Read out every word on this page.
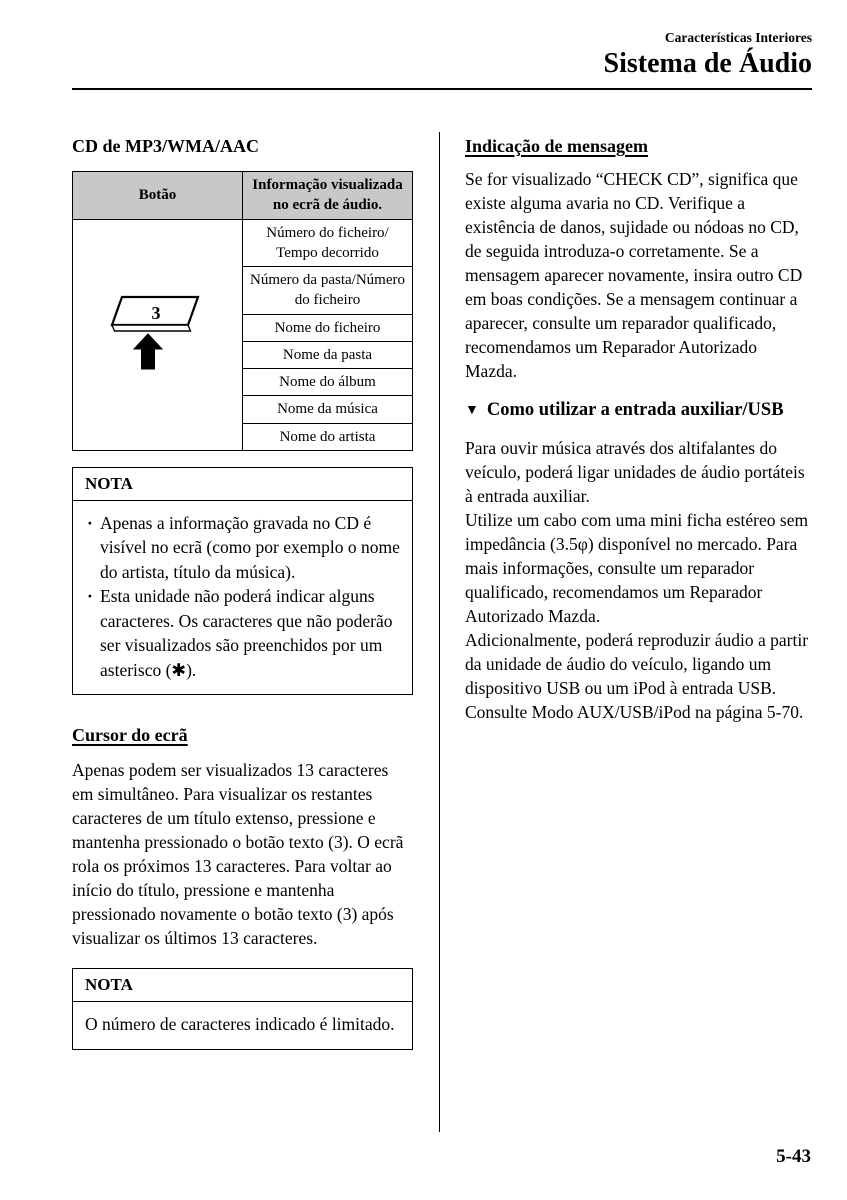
Características Interiores
Sistema de Áudio
CD de MP3/WMA/AAC
Botão	Informação visualizada no ecrã de áudio.

3	Número do ficheiro/ Tempo decorrido
	Número da pasta/Número do ficheiro
	Nome do ficheiro
	Nome da pasta
	Nome do álbum
	Nome da música
	Nome do artista
NOTA
· Apenas a informação gravada no CD é visível no ecrã (como por exemplo o nome do artista, título da música).
· Esta unidade não poderá indicar alguns caracteres. Os caracteres que não poderão ser visualizados são preenchidos por um asterisco (✱).
Cursor do ecrã
Apenas podem ser visualizados 13 caracteres em simultâneo. Para visualizar os restantes caracteres de um título extenso, pressione e mantenha pressionado o botão texto (3). O ecrã rola os próximos 13 caracteres. Para voltar ao início do título, pressione e mantenha pressionado novamente o botão texto (3) após visualizar os últimos 13 caracteres.
NOTA
O número de caracteres indicado é limitado.
Indicação de mensagem
Se for visualizado “CHECK CD”, significa que existe alguma avaria no CD. Verifique a existência de danos, sujidade ou nódoas no CD, de seguida introduza-o corretamente. Se a mensagem aparecer novamente, insira outro CD em boas condições. Se a mensagem continuar a aparecer, consulte um reparador qualificado, recomendamos um Reparador Autorizado Mazda.
▼ Como utilizar a entrada auxiliar/USB
Para ouvir música através dos altifalantes do veículo, poderá ligar unidades de áudio portáteis à entrada auxiliar.
Utilize um cabo com uma mini ficha estéreo sem impedância (3.5φ) disponível no mercado. Para mais informações, consulte um reparador qualificado, recomendamos um Reparador Autorizado Mazda.
Adicionalmente, poderá reproduzir áudio a partir da unidade de áudio do veículo, ligando um dispositivo USB ou um iPod à entrada USB.
Consulte Modo AUX/USB/iPod na página 5-70.
5-43
